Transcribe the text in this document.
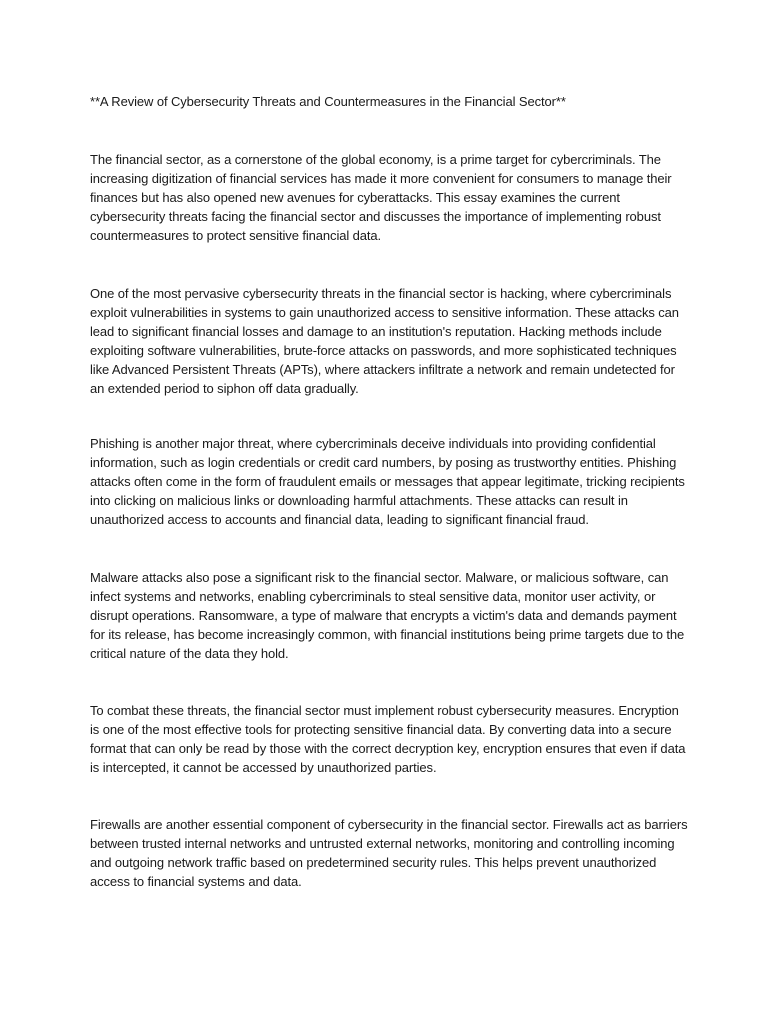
**A Review of Cybersecurity Threats and Countermeasures in the Financial Sector**

The financial sector, as a cornerstone of the global economy, is a prime target for cybercriminals. The increasing digitization of financial services has made it more convenient for consumers to manage their finances but has also opened new avenues for cyberattacks. This essay examines the current cybersecurity threats facing the financial sector and discusses the importance of implementing robust countermeasures to protect sensitive financial data.

One of the most pervasive cybersecurity threats in the financial sector is hacking, where cybercriminals exploit vulnerabilities in systems to gain unauthorized access to sensitive information. These attacks can lead to significant financial losses and damage to an institution's reputation. Hacking methods include exploiting software vulnerabilities, brute-force attacks on passwords, and more sophisticated techniques like Advanced Persistent Threats (APTs), where attackers infiltrate a network and remain undetected for an extended period to siphon off data gradually.

Phishing is another major threat, where cybercriminals deceive individuals into providing confidential information, such as login credentials or credit card numbers, by posing as trustworthy entities. Phishing attacks often come in the form of fraudulent emails or messages that appear legitimate, tricking recipients into clicking on malicious links or downloading harmful attachments. These attacks can result in unauthorized access to accounts and financial data, leading to significant financial fraud.

Malware attacks also pose a significant risk to the financial sector. Malware, or malicious software, can infect systems and networks, enabling cybercriminals to steal sensitive data, monitor user activity, or disrupt operations. Ransomware, a type of malware that encrypts a victim's data and demands payment for its release, has become increasingly common, with financial institutions being prime targets due to the critical nature of the data they hold.

To combat these threats, the financial sector must implement robust cybersecurity measures. Encryption is one of the most effective tools for protecting sensitive financial data. By converting data into a secure format that can only be read by those with the correct decryption key, encryption ensures that even if data is intercepted, it cannot be accessed by unauthorized parties.

Firewalls are another essential component of cybersecurity in the financial sector. Firewalls act as barriers between trusted internal networks and untrusted external networks, monitoring and controlling incoming and outgoing network traffic based on predetermined security rules. This helps prevent unauthorized access to financial systems and data.
